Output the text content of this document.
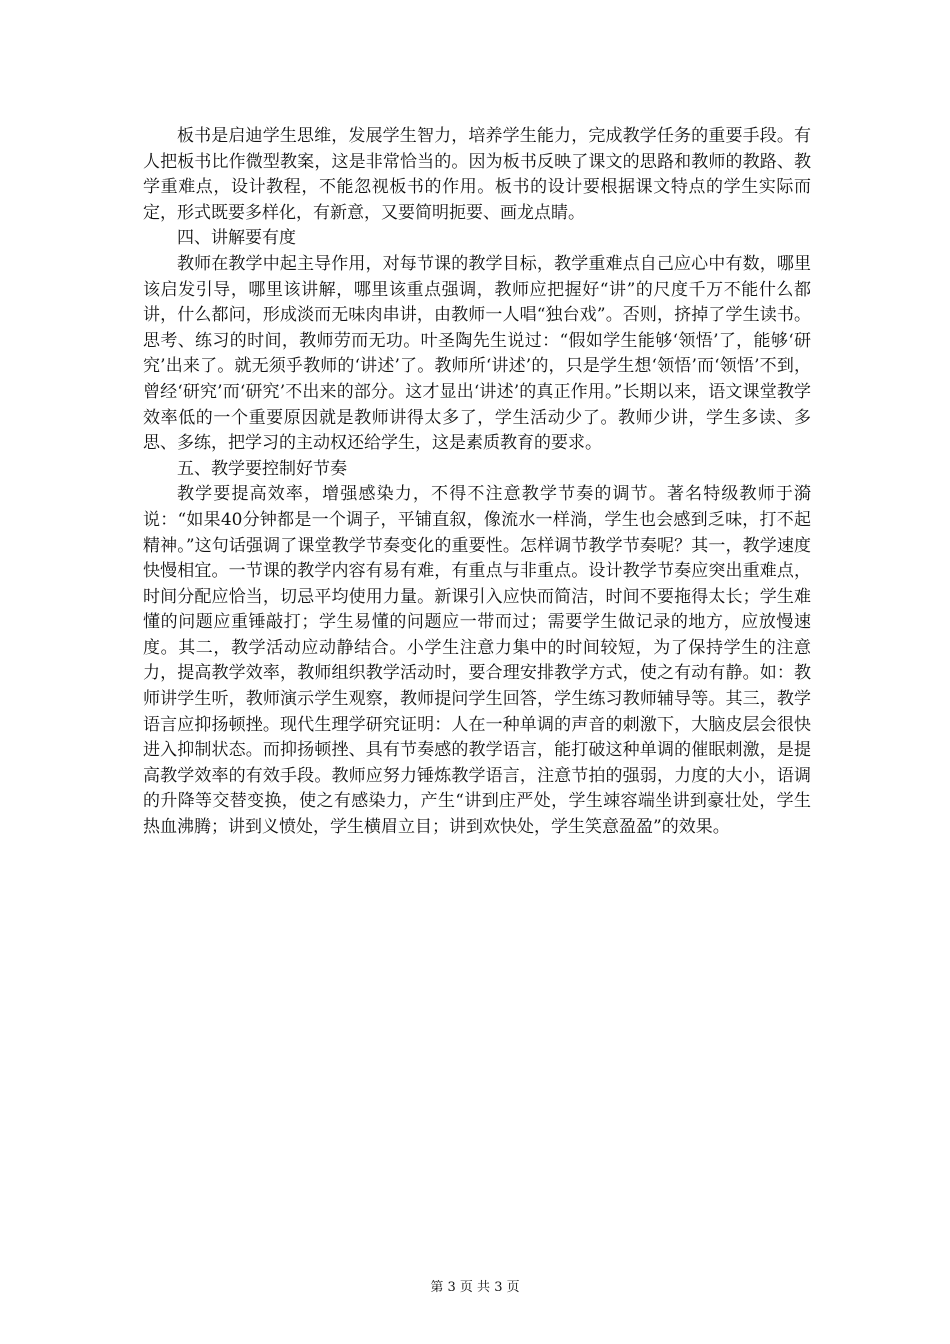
板书是启迪学生思维，发展学生智力，培养学生能力，完成教学任务的重要手段。有人把板书比作微型教案，这是非常恰当的。因为板书反映了课文的思路和教师的教路、教学重难点，设计教程，不能忽视板书的作用。板书的设计要根据课文特点的学生实际而定，形式既要多样化，有新意，又要简明扼要、画龙点睛。

四、讲解要有度

教师在教学中起主导作用，对每节课的教学目标，教学重难点自己应心中有数，哪里该启发引导，哪里该讲解，哪里该重点强调，教师应把握好“讲”的尺度千万不能什么都讲，什么都问，形成淡而无味肉串讲，由教师一人唱“独台戏”。否则，挤掉了学生读书。思考、练习的时间，教师劳而无功。叶圣陶先生说过：“假如学生能够‘领悟’了，能够‘研究’出来了。就无须乎教师的‘讲述’了。教师所‘讲述’的，只是学生想‘领悟’而‘领悟’不到，曾经‘研究’而‘研究’不出来的部分。这才显出‘讲述’的真正作用。”长期以来，语文课堂教学效率低的一个重要原因就是教师讲得太多了，学生活动少了。教师少讲，学生多读、多思、多练，把学习的主动权还给学生，这是素质教育的要求。

五、教学要控制好节奏

教学要提高效率，增强感染力，不得不注意教学节奏的调节。著名特级教师于漪说：“如果40分钟都是一个调子，平铺直叙，像流水一样淌，学生也会感到乏味，打不起精神。”这句话强调了课堂教学节奏变化的重要性。怎样调节教学节奏呢？其一，教学速度快慢相宜。一节课的教学内容有易有难，有重点与非重点。设计教学节奏应突出重难点，时间分配应恰当，切忌平均使用力量。新课引入应快而简洁，时间不要拖得太长；学生难懂的问题应重锤敲打；学生易懂的问题应一带而过；需要学生做记录的地方，应放慢速度。其二，教学活动应动静结合。小学生注意力集中的时间较短，为了保持学生的注意力，提高教学效率，教师组织教学活动时，要合理安排教学方式，使之有动有静。如：教师讲学生听，教师演示学生观察，教师提问学生回答，学生练习教师辅导等。其三，教学语言应抑扬顿挫。现代生理学研究证明：人在一种单调的声音的刺激下，大脑皮层会很快进入抑制状态。而抑扬顿挫、具有节奏感的教学语言，能打破这种单调的催眠刺激，是提高教学效率的有效手段。教师应努力锤炼教学语言，注意节拍的强弱，力度的大小，语调的升降等交替变换，使之有感染力，产生“讲到庄严处，学生竦容端坐讲到豪壮处，学生热血沸腾；讲到义愤处，学生横眉立目；讲到欢快处，学生笑意盈盈”的效果。

第 3 页 共 3 页
